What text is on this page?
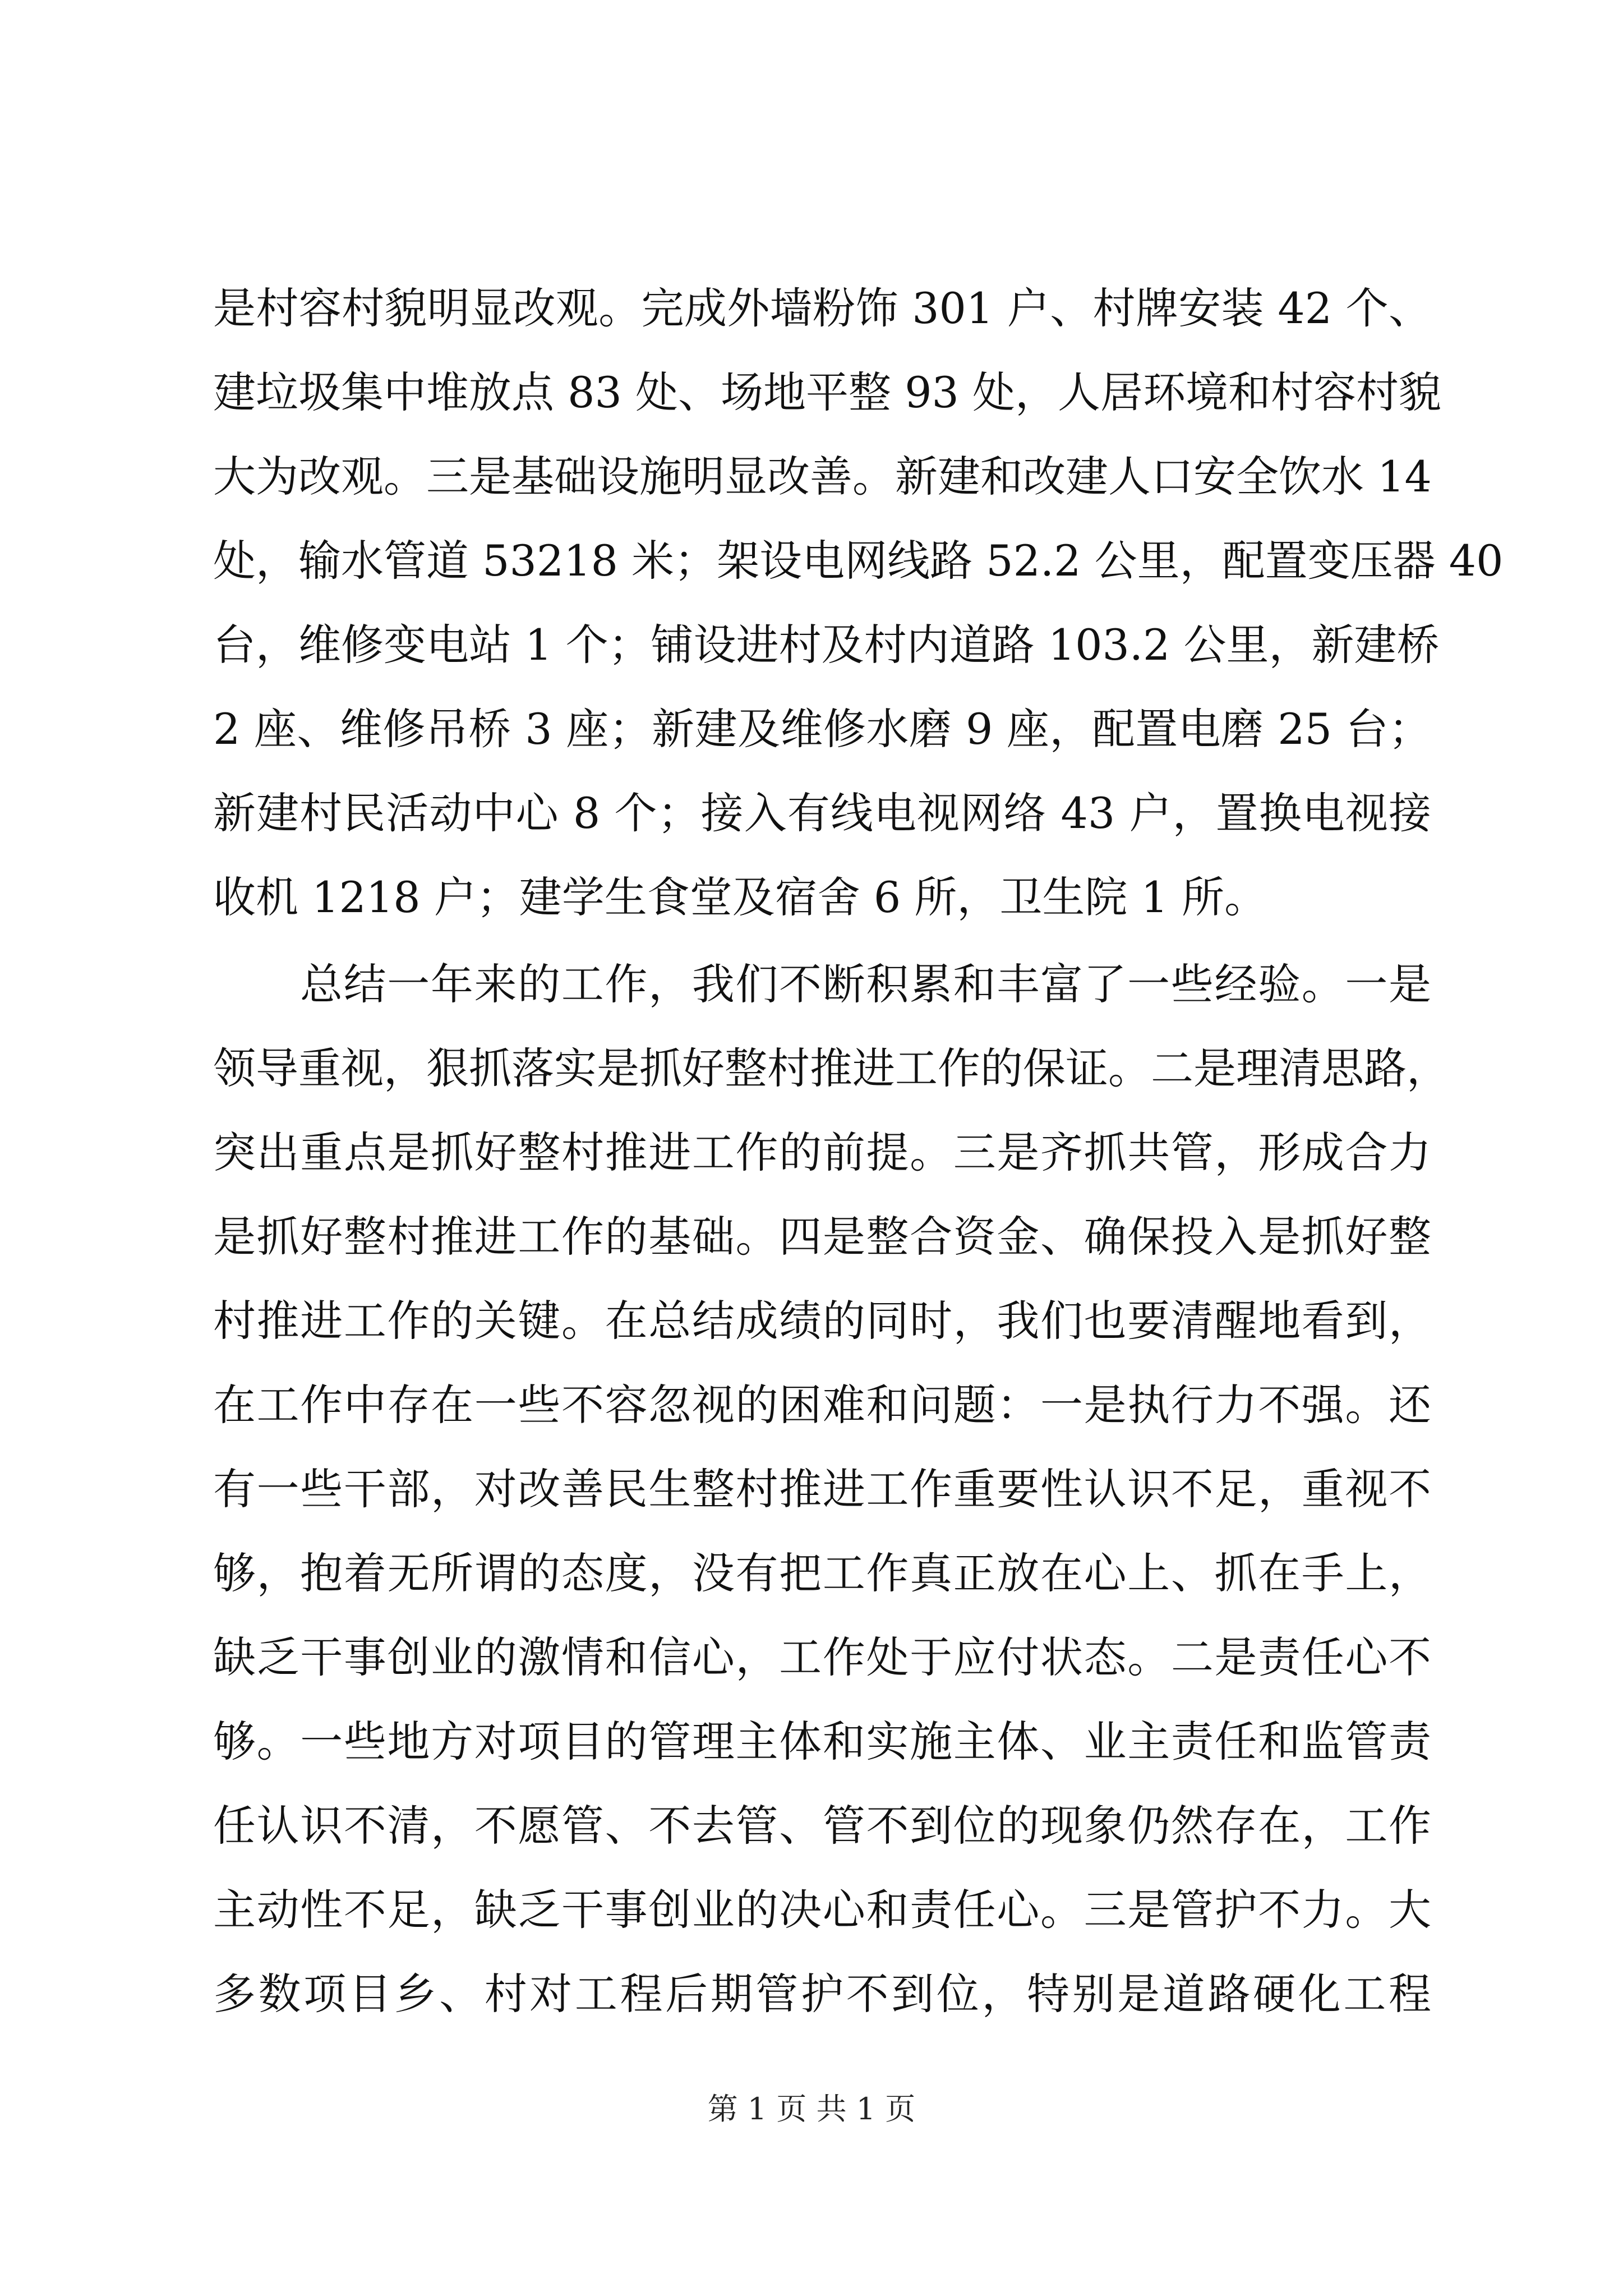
是村容村貌明显改观。完成外墙粉饰 301 户、村牌安装 42 个、
建垃圾集中堆放点 83 处、场地平整 93 处，人居环境和村容村貌
大为改观。三是基础设施明显改善。新建和改建人口安全饮水 14
处，输水管道 53218 米；架设电网线路 52.2 公里，配置变压器 40
台，维修变电站 1 个；铺设进村及村内道路 103.2 公里，新建桥
2 座、维修吊桥 3 座；新建及维修水磨 9 座，配置电磨 25 台；
新建村民活动中心 8 个；接入有线电视网络 43 户，置换电视接
收机 1218 户；建学生食堂及宿舍 6 所，卫生院 1 所。
总结一年来的工作，我们不断积累和丰富了一些经验。一是
领导重视，狠抓落实是抓好整村推进工作的保证。二是理清思路，
突出重点是抓好整村推进工作的前提。三是齐抓共管，形成合力
是抓好整村推进工作的基础。四是整合资金、确保投入是抓好整
村推进工作的关键。在总结成绩的同时，我们也要清醒地看到，
在工作中存在一些不容忽视的困难和问题：一是执行力不强。还
有一些干部，对改善民生整村推进工作重要性认识不足，重视不
够，抱着无所谓的态度，没有把工作真正放在心上、抓在手上，
缺乏干事创业的激情和信心，工作处于应付状态。二是责任心不
够。一些地方对项目的管理主体和实施主体、业主责任和监管责
任认识不清，不愿管、不去管、管不到位的现象仍然存在，工作
主动性不足，缺乏干事创业的决心和责任心。三是管护不力。大
多数项目乡、村对工程后期管护不到位，特别是道路硬化工程
第 1 页 共 1 页
